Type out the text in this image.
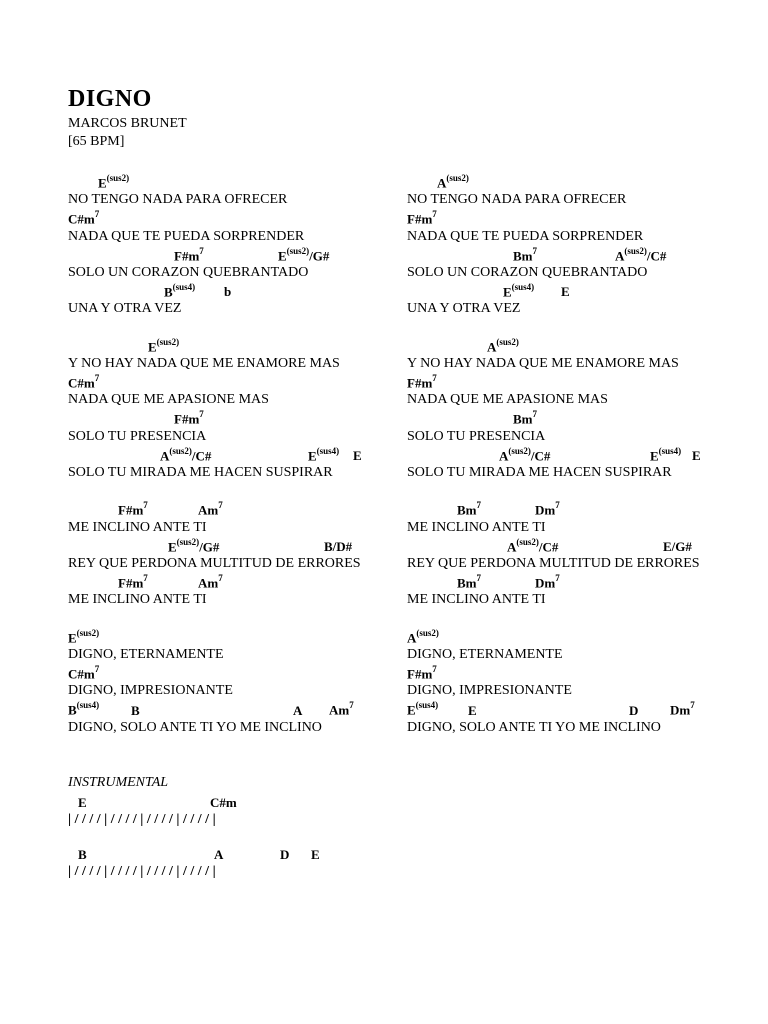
DIGNO
MARCOS BRUNET
[65 BPM]
$E^{(sus2)}$
NO TENGO NADA PARA OFRECER
$C\#m^7$
NADA QUE TE PUEDA SORPRENDER
$F\#m^7$	$E^{(sus2)}/G\#$
SOLO UN CORAZON QUEBRANTADO
$B^{(sus4)}$ b
UNA Y OTRA VEZ
$E^{(sus2)}$
Y NO HAY NADA QUE ME ENAMORE MAS
$C\#m^7$
NADA QUE ME APASIONE MAS
$F\#m^7$
SOLO TU PRESENCIA
$A^{(sus2)}/C\#$	$E^{(sus4)}$ E
SOLO TU MIRADA ME HACEN SUSPIRAR
$F\#m^7$	Am$^7$
ME INCLINO ANTE TI
$E^{(sus2)}/G\#$	B/D#
REY QUE PERDONA MULTITUD DE ERRORES
$F\#m^7$	Am$^7$
ME INCLINO ANTE TI
$E^{(sus2)}$
DIGNO, ETERNAMENTE
$C\#m^7$
DIGNO, IMPRESIONANTE
$B^{(sus4)}$ B	A Am$^7$
DIGNO, SOLO ANTE TI YO ME INCLINO
$A^{(sus2)}$
NO TENGO NADA PARA OFRECER
$F\#m^7$
NADA QUE TE PUEDA SORPRENDER
Bm$^7$	$A^{(sus2)}/C\#$
SOLO UN CORAZON QUEBRANTADO
$E^{(sus4)}$ E
UNA Y OTRA VEZ
$A^{(sus2)}$
Y NO HAY NADA QUE ME ENAMORE MAS
$F\#m^7$
NADA QUE ME APASIONE MAS
Bm$^7$
SOLO TU PRESENCIA
$A^{(sus2)}/C\#$	$E^{(sus4)}$ E
SOLO TU MIRADA ME HACEN SUSPIRAR
Bm$^7$	Dm$^7$
ME INCLINO ANTE TI
$A^{(sus2)}/C\#$	E/G#
REY QUE PERDONA MULTITUD DE ERRORES
Bm$^7$	Dm$^7$
ME INCLINO ANTE TI
$A^{(sus2)}$
DIGNO, ETERNAMENTE
$F\#m^7$
DIGNO, IMPRESIONANTE
$E^{(sus4)}$ E	D Dm$^7$
DIGNO, SOLO ANTE TI YO ME INCLINO
INSTRUMENTAL
E	C#m
| / / / / | / / / / | / / / / | / / / / |
B	A	D E
| / / / / | / / / / | / / / / | / / / / |
